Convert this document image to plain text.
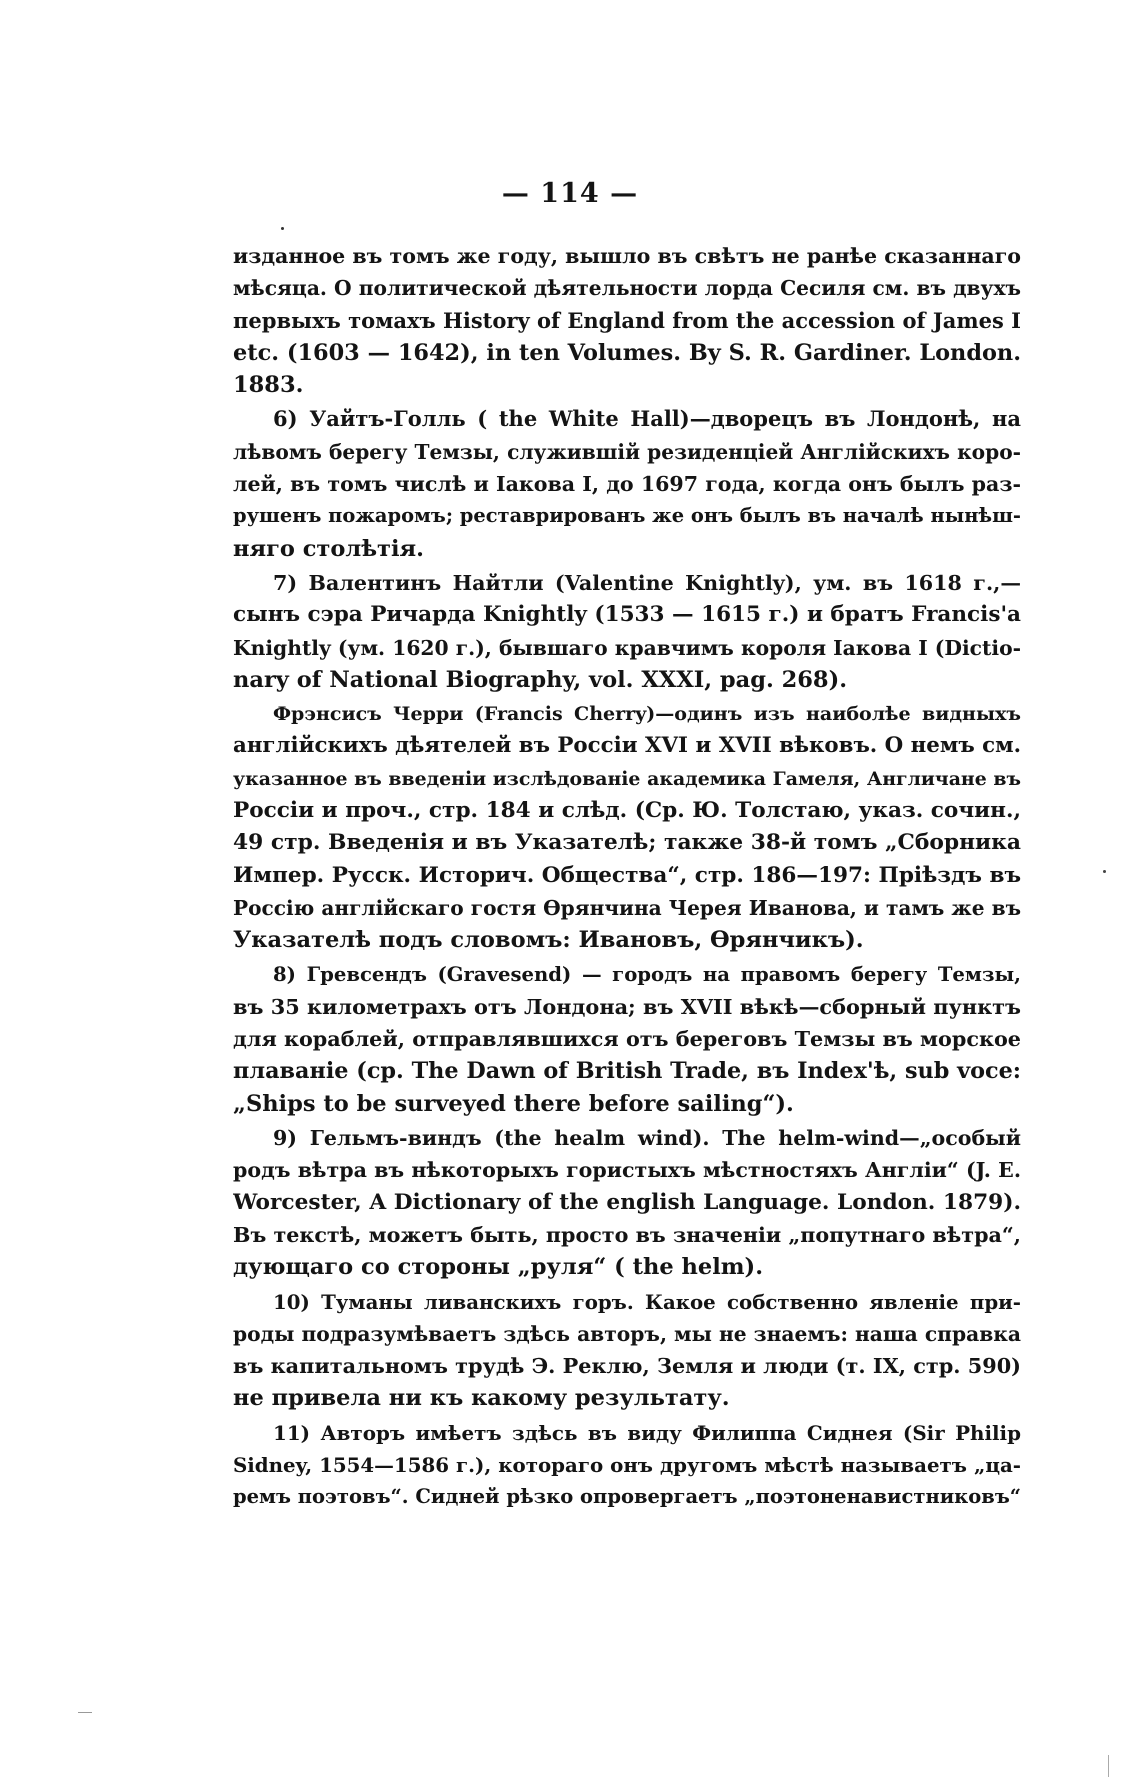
— 114 —
изданное въ томъ же году, вышло въ свѣтъ не ранѣе сказаннаго
мѣсяца. О политической дѣятельности лорда Сесиля см. въ двухъ
первыхъ томахъ History of England from the accession of James I
etc. (1603 — 1642), in ten Volumes. By S. R. Gardiner. London.
1883.
6) Уайтъ-Голль ( the White Hall)—дворецъ въ Лондонѣ, на
лѣвомъ берегу Темзы, служившій резиденціей Англійскихъ коро-
лей, въ томъ числѣ и Іакова I, до 1697 года, когда онъ былъ раз-
рушенъ пожаромъ; реставрированъ же онъ былъ въ началѣ нынѣш-
няго столѣтія.
7) Валентинъ Найтли (Valentine Knightly), ум. въ 1618 г.,—
сынъ сэра Ричарда Knightly (1533 — 1615 г.) и братъ Francis'a
Knightly (ум. 1620 г.), бывшаго кравчимъ короля Іакова I (Dictio-
nary of National Biography, vol. XXXI, pag. 268).
Фрэнсисъ Черри (Francis Cherry)—одинъ изъ наиболѣе видныхъ
англійскихъ дѣятелей въ Россіи XVI и XVII вѣковъ. О немъ см.
указанное въ введеніи изслѣдованіе академика Гамеля, Англичане въ
Россіи и проч., стр. 184 и слѣд. (Ср. Ю. Толстаю, указ. сочин.,
49 стр. Введенія и въ Указателѣ; также 38-й томъ „Сборника
Импер. Русск. Историч. Общества“, стр. 186—197: Пріѣздъ въ
Россію англійскаго гостя Өрянчина Черея Иванова, и тамъ же въ
Указателѣ подъ словомъ: Ивановъ, Өрянчикъ).
8) Гревсендъ (Gravesend) — городъ на правомъ берегу Темзы,
въ 35 километрахъ отъ Лондона; въ XVII вѣкѣ—сборный пунктъ
для кораблей, отправлявшихся отъ береговъ Темзы въ морское
плаваніе (ср. The Dawn of British Trade, въ Index'ѣ, sub voce:
„Ships to be surveyed there before sailing“).
9) Гельмъ-виндъ (the healm wind). The helm-wind—„особый
родъ вѣтра въ нѣкоторыхъ гористыхъ мѣстностяхъ Англіи“ (J. E.
Worcester, A Dictionary of the english Language. London. 1879).
Въ текстѣ, можетъ быть, просто въ значеніи „попутнаго вѣтра“,
дующаго со стороны „руля“ ( the helm).
10) Туманы ливанскихъ горъ. Какое собственно явленіе при-
роды подразумѣваетъ здѣсь авторъ, мы не знаемъ: наша справка
въ капитальномъ трудѣ Э. Реклю, Земля и люди (т. IX, стр. 590)
не привела ни къ какому результату.
11) Авторъ имѣетъ здѣсь въ виду Филиппа Сиднея (Sir Philip
Sidney, 1554—1586 г.), котораго онъ другомъ мѣстѣ называетъ „ца-
ремъ поэтовъ“. Сидней рѣзко опровергаетъ „поэтоненавистниковъ“
